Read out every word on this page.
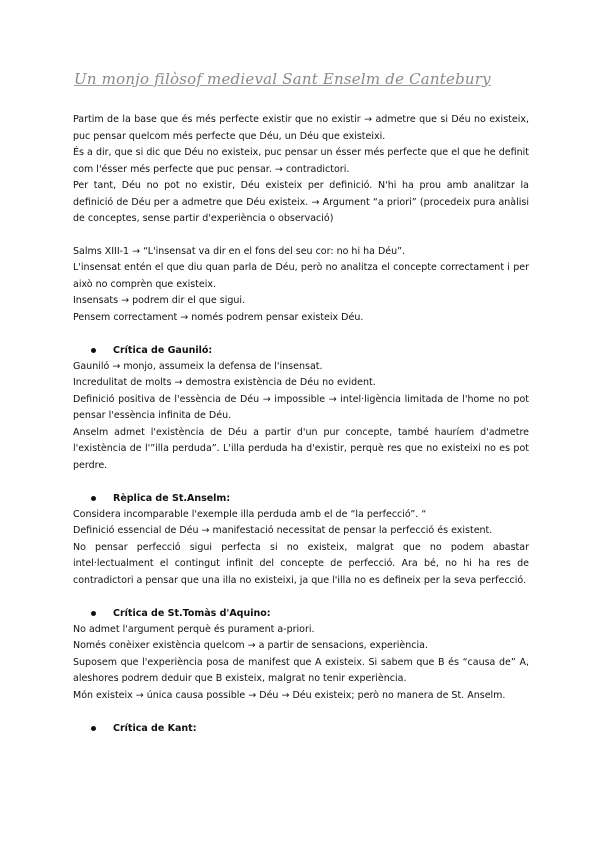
Un monjo filòsof medieval Sant Enselm de Cantebury

Partim de la base que és més perfecte existir que no existir → admetre que si Déu no existeix, puc pensar quelcom més perfecte que Déu, un Déu que existeixi.

És a dir, que si dic que Déu no existeix, puc pensar un ésser més perfecte que el que he definit com l'ésser més perfecte que puc pensar. → contradictori.

Per tant, Déu no pot no existir, Déu existeix per definició. N'hi ha prou amb analitzar la definició de Déu per a admetre que Déu existeix. → Argument “a priori” (procedeix pura anàlisi de conceptes, sense partir d'experiència o observació)

Salms XIII-1 → “L'insensat va dir en el fons del seu cor: no hi ha Déu”.

L'insensat entén el que diu quan parla de Déu, però no analitza el concepte correctament i per això no comprèn que existeix.

Insensats → podrem dir el que sigui.

Pensem correctament → només podrem pensar existeix Déu.

Crítica de Gauniló:

Gauniló → monjo, assumeix la defensa de l'insensat.

Incredulitat de molts → demostra existència de Déu no evident.

Definició positiva de l'essència de Déu → impossible → intel·ligència limitada de l'home no pot pensar l'essència infinita de Déu.

Anselm admet l'existència de Déu a partir d'un pur concepte, també hauríem d'admetre l'existència de l'”illa perduda”. L'illa perduda ha d'existir, perquè res que no existeixi no es pot perdre.

Rèplica de St.Anselm:

Considera incomparable l'exemple illa perduda amb el de “la perfecció”. “

Definició essencial de Déu → manifestació necessitat de pensar la perfecció és existent.

No pensar perfecció sigui perfecta si no existeix, malgrat que no podem abastar intel·lectualment el contingut infinit del concepte de perfecció. Ara bé, no hi ha res de contradictori a pensar que una illa no existeixi, ja que l'illa no es defineix per la seva perfecció.

Crítica de St.Tomàs d'Aquino:

No admet l'argument perquè és purament a-priori.

Només conèixer existència quelcom → a partir de sensacions, experiència.

Suposem que l'experiència posa de manifest que A existeix. Si sabem que B és “causa de” A, aleshores podrem deduir que B existeix, malgrat no tenir experiència.

Món existeix → única causa possible → Déu → Déu existeix; però no manera de St. Anselm.

Crítica de Kant:
